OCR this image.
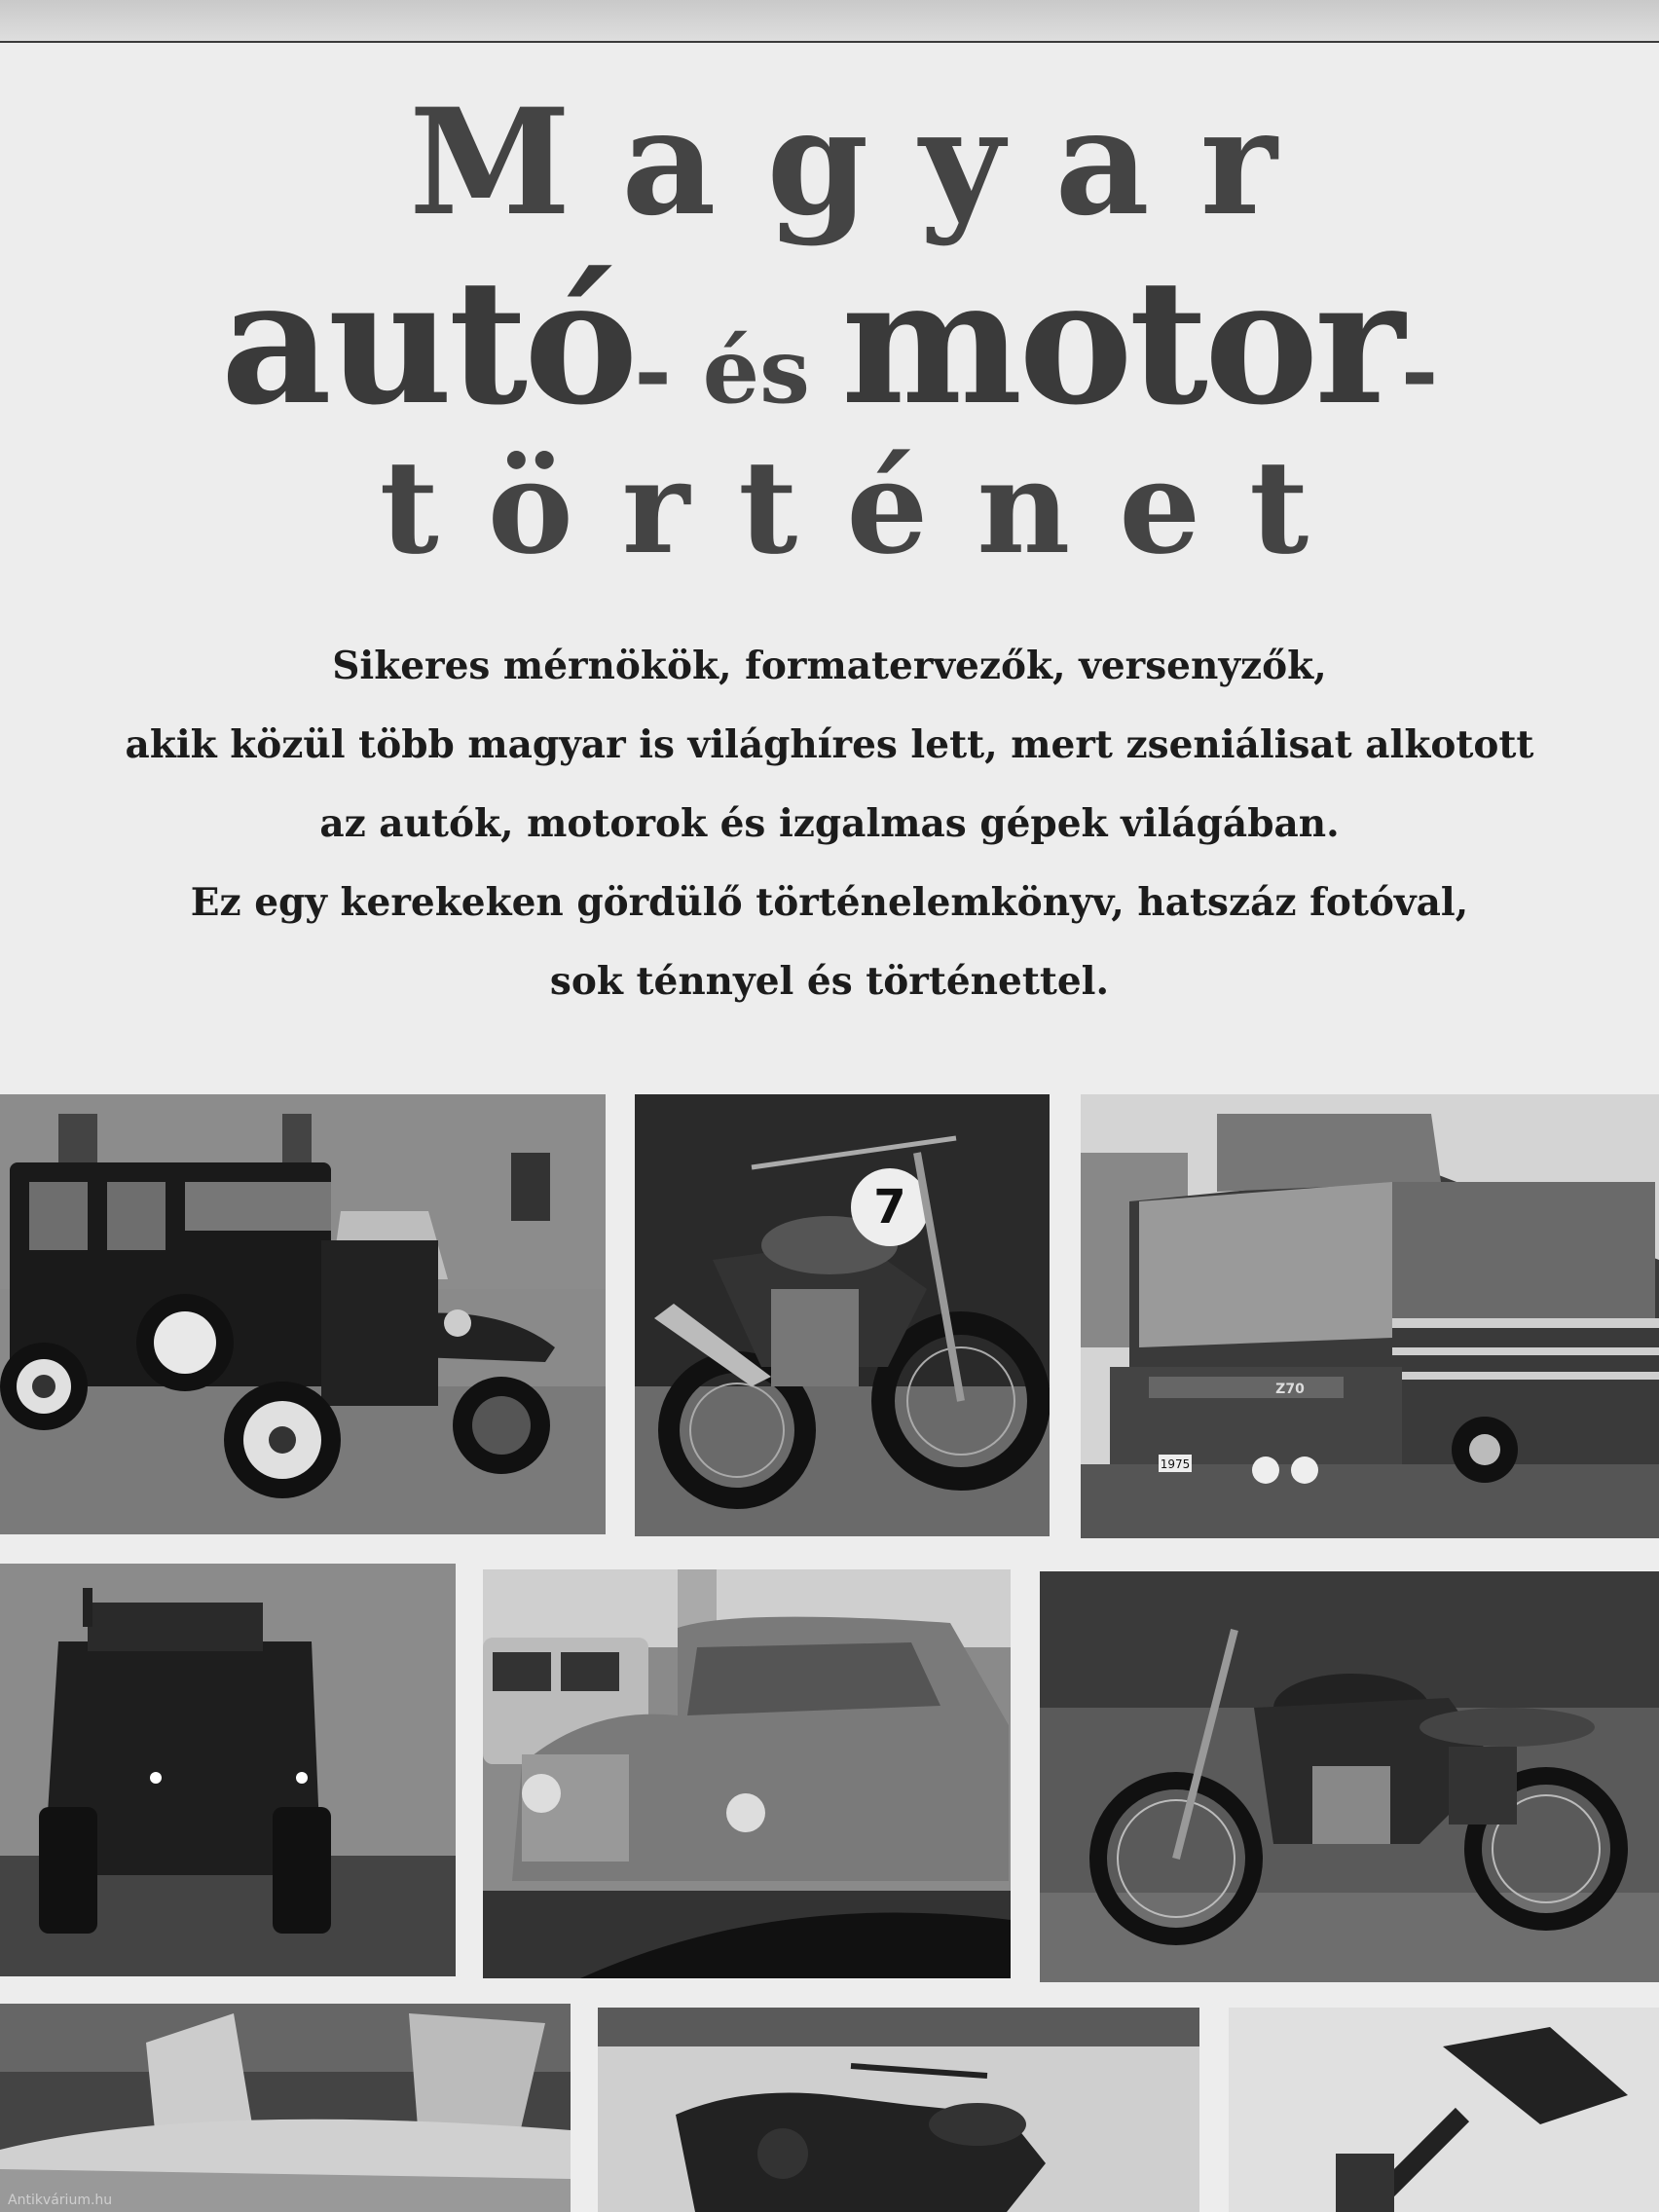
Magyar
autó- és motor-
történet
Sikeres mérnökök, formatervezők, versenyzők,
akik közül több magyar is világhíres lett, mert zseniálisat alkotott
az autók, motorok és izgalmas gépek világában.
Ez egy kerekeken gördülő történelemkönyv, hatszáz fotóval,
sok ténnyel és történettel.
7
Z70
1975
Antikvárium.hu
